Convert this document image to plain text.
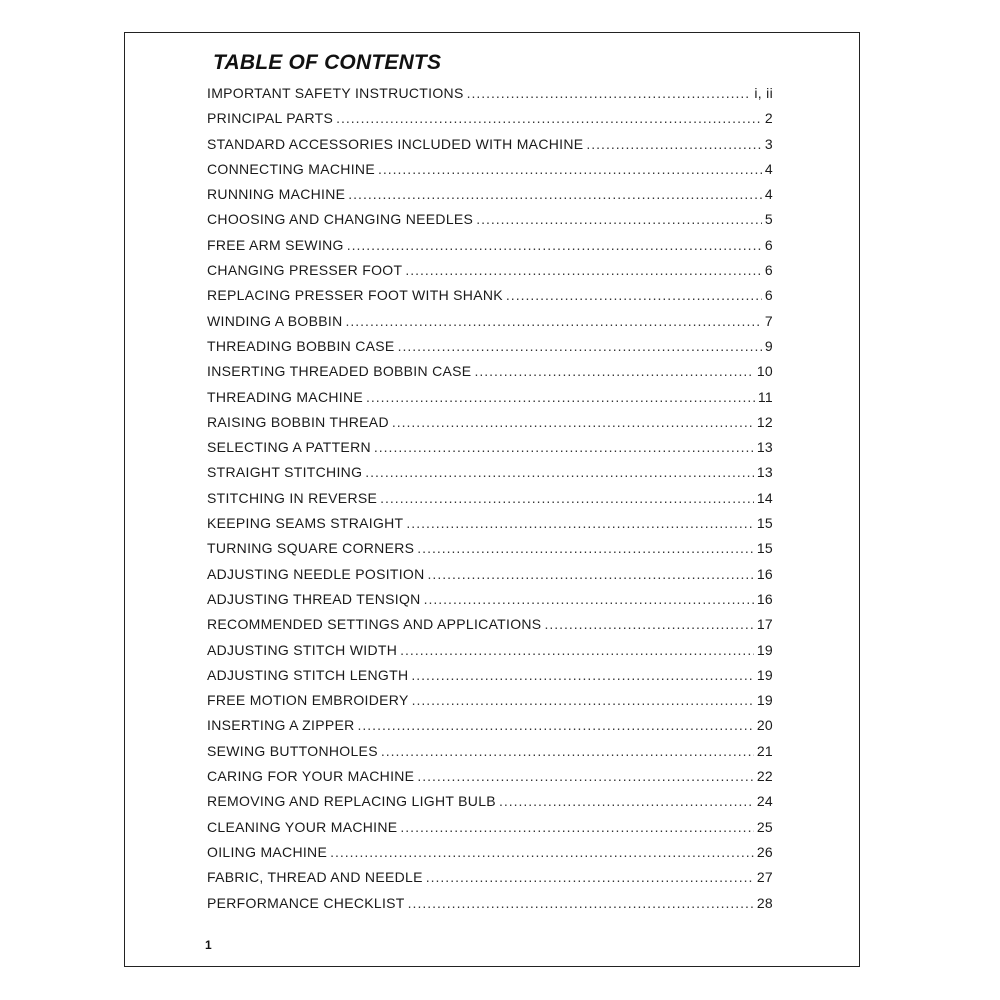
TABLE OF CONTENTS
IMPORTANT SAFETY INSTRUCTIONS .....	i, ii
PRINCIPAL PARTS .....	2
STANDARD ACCESSORIES INCLUDED WITH MACHINE .....	3
CONNECTING MACHINE .....	4
RUNNING MACHINE .....	4
CHOOSING AND CHANGING NEEDLES .....	5
FREE ARM SEWING .....	6
CHANGING PRESSER FOOT .....	6
REPLACING PRESSER FOOT WITH SHANK .....	6
WINDING A BOBBIN .....	7
THREADING BOBBIN CASE .....	9
INSERTING THREADED BOBBIN CASE .....	10
THREADING MACHINE .....	11
RAISING BOBBIN THREAD .....	12
SELECTING A PATTERN .....	13
STRAIGHT STITCHING .....	13
STITCHING IN REVERSE .....	14
KEEPING SEAMS STRAIGHT .....	15
TURNING SQUARE CORNERS .....	15
ADJUSTING NEEDLE POSITION .....	16
ADJUSTING THREAD TENSIQN .....	16
RECOMMENDED SETTINGS AND APPLICATIONS .....	17
ADJUSTING STITCH WIDTH .....	19
ADJUSTING STITCH LENGTH .....	19
FREE MOTION EMBROIDERY .....	19
INSERTING A ZIPPER .....	20
SEWING BUTTONHOLES .....	21
CARING FOR YOUR MACHINE .....	22
REMOVING AND REPLACING LIGHT BULB .....	24
CLEANING YOUR MACHINE .....	25
OILING MACHINE .....	26
FABRIC, THREAD AND NEEDLE .....	27
PERFORMANCE CHECKLIST .....	28
1
